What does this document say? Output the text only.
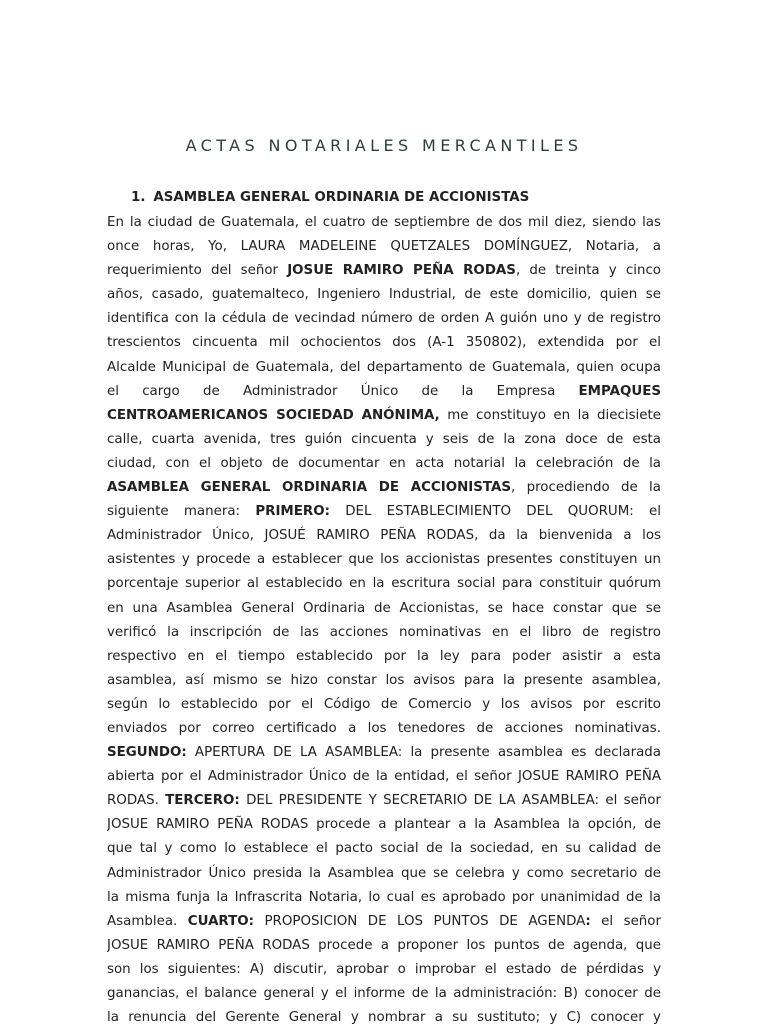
ACTAS NOTARIALES MERCANTILES
1. ASAMBLEA GENERAL ORDINARIA DE ACCIONISTAS
En la ciudad de Guatemala, el cuatro de septiembre de dos mil diez, siendo las
once horas, Yo, LAURA MADELEINE QUETZALES DOMÍNGUEZ, Notaria, a
requerimiento del señor JOSUE RAMIRO PEÑA RODAS, de treinta y cinco
años, casado, guatemalteco, Ingeniero Industrial, de este domicilio, quien se
identifica con la cédula de vecindad número de orden A guión uno y de registro
trescientos cincuenta mil ochocientos dos (A-1 350802), extendida por el
Alcalde Municipal de Guatemala, del departamento de Guatemala, quien ocupa
el cargo de Administrador Único de la Empresa EMPAQUES
CENTROAMERICANOS SOCIEDAD ANÓNIMA, me constituyo en la diecisiete
calle, cuarta avenida, tres guión cincuenta y seis de la zona doce de esta
ciudad, con el objeto de documentar en acta notarial la celebración de la
ASAMBLEA GENERAL ORDINARIA DE ACCIONISTAS, procediendo de la
siguiente manera: PRIMERO: DEL ESTABLECIMIENTO DEL QUORUM: el
Administrador Único, JOSUÉ RAMIRO PEÑA RODAS, da la bienvenida a los
asistentes y procede a establecer que los accionistas presentes constituyen un
porcentaje superior al establecido en la escritura social para constituir quórum
en una Asamblea General Ordinaria de Accionistas, se hace constar que se
verificó la inscripción de las acciones nominativas en el libro de registro
respectivo en el tiempo establecido por la ley para poder asistir a esta
asamblea, así mismo se hizo constar los avisos para la presente asamblea,
según lo establecido por el Código de Comercio y los avisos por escrito
enviados por correo certificado a los tenedores de acciones nominativas.
SEGUNDO: APERTURA DE LA ASAMBLEA: la presente asamblea es declarada
abierta por el Administrador Único de la entidad, el señor JOSUE RAMIRO PEÑA
RODAS. TERCERO: DEL PRESIDENTE Y SECRETARIO DE LA ASAMBLEA: el señor
JOSUE RAMIRO PEÑA RODAS procede a plantear a la Asamblea la opción, de
que tal y como lo establece el pacto social de la sociedad, en su calidad de
Administrador Único presida la Asamblea que se celebra y como secretario de
la misma funja la Infrascrita Notaria, lo cual es aprobado por unanimidad de la
Asamblea. CUARTO: PROPOSICION DE LOS PUNTOS DE AGENDA: el señor
JOSUE RAMIRO PEÑA RODAS procede a proponer los puntos de agenda, que
son los siguientes: A) discutir, aprobar o improbar el estado de pérdidas y
ganancias, el balance general y el informe de la administración: B) conocer de
la renuncia del Gerente General y nombrar a su sustituto; y C) conocer y
